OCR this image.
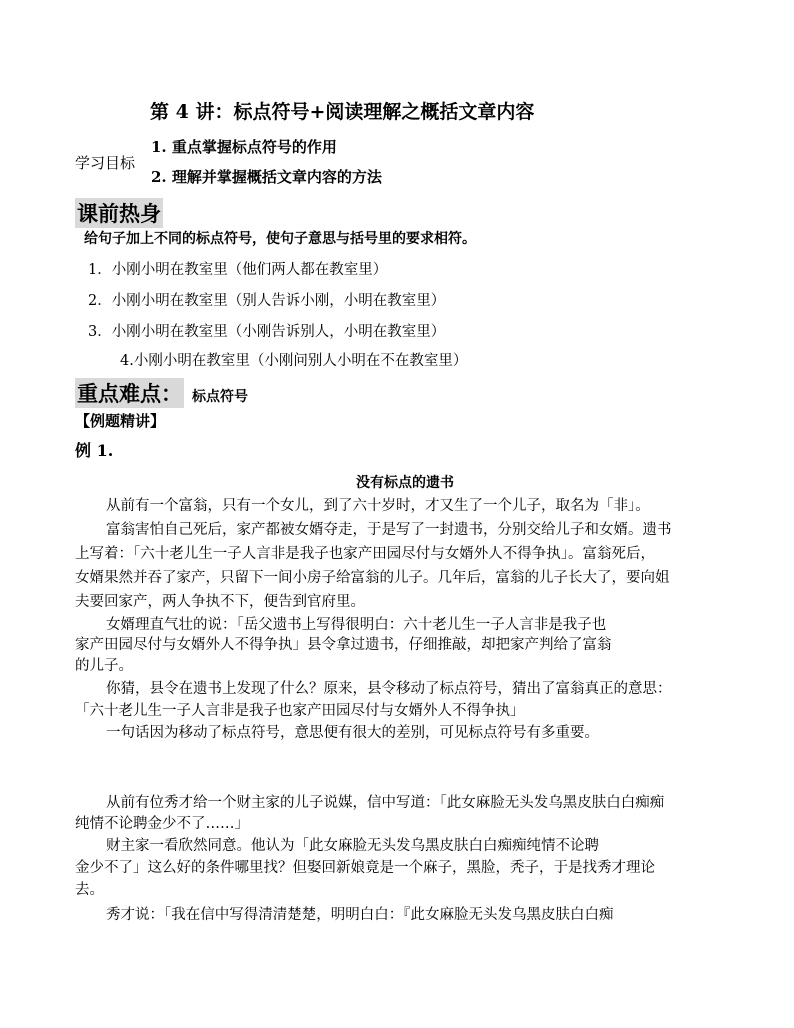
第 4 讲：标点符号+阅读理解之概括文章内容
学习目标
1. 重点掌握标点符号的作用
2. 理解并掌握概括文章内容的方法
课前热身
给句子加上不同的标点符号，使句子意思与括号里的要求相符。
1．小刚小明在教室里（他们两人都在教室里）
2．小刚小明在教室里（别人告诉小刚，小明在教室里）
3．小刚小明在教室里（小刚告诉别人，小明在教室里）
4.小刚小明在教室里（小刚问别人小明在不在教室里）
重点难点： 标点符号
【例题精讲】
例 1.
没有标点的遗书
从前有一个富翁，只有一个女儿，到了六十岁时，才又生了一个儿子，取名为「非」。
富翁害怕自己死后，家产都被女婿夺走，于是写了一封遗书，分别交给儿子和女婿。遗书
上写着：「六十老儿生一子人言非是我子也家产田园尽付与女婿外人不得争执」。富翁死后，
女婿果然并吞了家产，只留下一间小房子给富翁的儿子。几年后，富翁的儿子长大了，要向姐
夫要回家产，两人争执不下，便告到官府里。
女婿理直气壮的说：「岳父遗书上写得很明白：六十老儿生一子人言非是我子也
家产田园尽付与女婿外人不得争执」县令拿过遗书，仔细推敲，却把家产判给了富翁
的儿子。
你猜，县令在遗书上发现了什么？原来，县令移动了标点符号，猜出了富翁真正的意思：
「六十老儿生一子人言非是我子也家产田园尽付与女婿外人不得争执」
一句话因为移动了标点符号，意思便有很大的差别，可见标点符号有多重要。
从前有位秀才给一个财主家的儿子说媒，信中写道：「此女麻脸无头发乌黑皮肤白白痴痴
纯情不论聘金少不了……」
财主家一看欣然同意。他认为「此女麻脸无头发乌黑皮肤白白痴痴纯情不论聘
金少不了」这么好的条件哪里找？但娶回新娘竟是一个麻子，黑脸，秃子，于是找秀才理论
去。
秀才说：「我在信中写得清清楚楚，明明白白：『此女麻脸无头发乌黑皮肤白白痴
